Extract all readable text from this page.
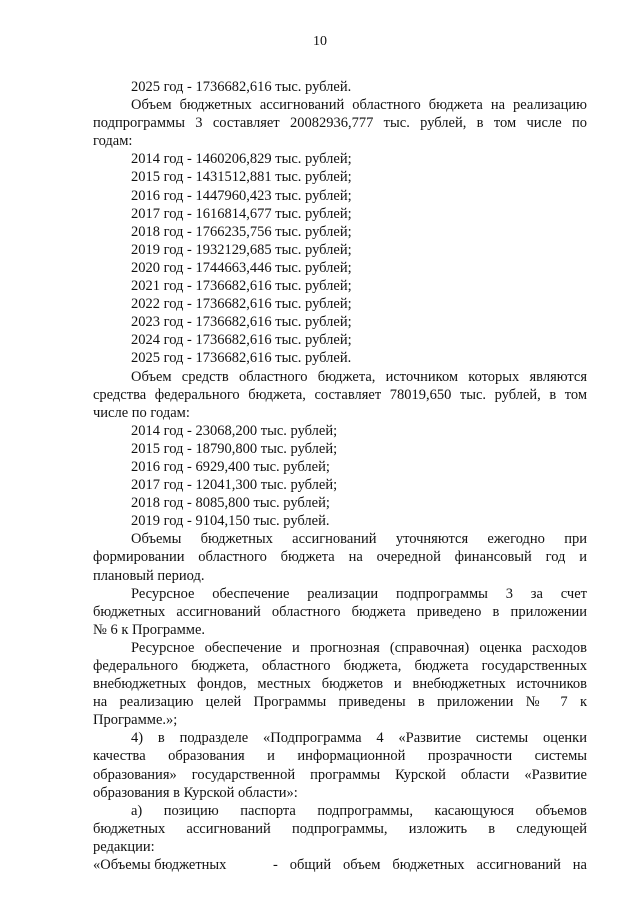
10

2025 год - 1736682,616 тыс. рублей.

Объем бюджетных ассигнований областного бюджета на реализацию

подпрограммы 3 составляет 20082936,777 тыс. рублей, в том числе по

годам:

2014 год - 1460206,829 тыс. рублей;

2015 год - 1431512,881 тыс. рублей;

2016 год - 1447960,423 тыс. рублей;

2017 год - 1616814,677 тыс. рублей;

2018 год - 1766235,756 тыс. рублей;

2019 год - 1932129,685 тыс. рублей;

2020 год - 1744663,446 тыс. рублей;

2021 год - 1736682,616 тыс. рублей;

2022 год - 1736682,616 тыс. рублей;

2023 год - 1736682,616 тыс. рублей;

2024 год - 1736682,616 тыс. рублей;

2025 год - 1736682,616 тыс. рублей.

Объем средств областного бюджета, источником которых являются

средства федерального бюджета, составляет 78019,650 тыс. рублей, в том

числе по годам:

2014 год - 23068,200 тыс. рублей;

2015 год - 18790,800 тыс. рублей;

2016 год - 6929,400 тыс. рублей;

2017 год - 12041,300 тыс. рублей;

2018 год - 8085,800 тыс. рублей;

2019 год - 9104,150 тыс. рублей.

Объемы бюджетных ассигнований уточняются ежегодно при

формировании областного бюджета на очередной финансовый год и

плановый период.

Ресурсное обеспечение реализации подпрограммы 3 за счет

бюджетных ассигнований областного бюджета приведено в приложении

№ 6 к Программе.

Ресурсное обеспечение и прогнозная (справочная) оценка расходов

федерального бюджета, областного бюджета, бюджета государственных

внебюджетных фондов, местных бюджетов и внебюджетных источников

на реализацию целей Программы приведены в приложении № 7 к

Программе.»;

4) в подразделе «Подпрограмма 4 «Развитие системы оценки

качества образования и информационной прозрачности системы

образования» государственной программы Курской области «Развитие

образования в Курской области»:

а) позицию паспорта подпрограммы, касающуюся объемов

бюджетных ассигнований подпрограммы, изложить в следующей

редакции:

«Объемы бюджетных	- общий объем бюджетных ассигнований на
